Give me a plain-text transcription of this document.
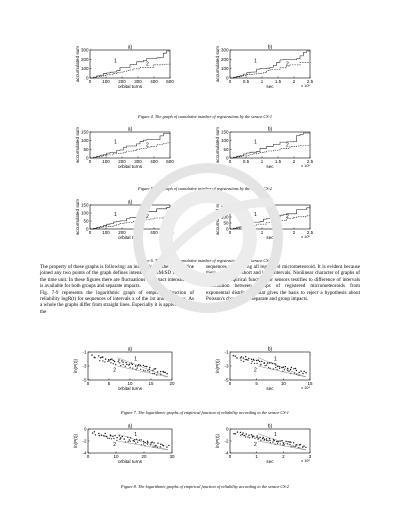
0
100
200
300
0 100 200 300 400 500
orbital turns
accumulated sum	a)
1	2
0
100
200
300
0	0.5	1	1.5	2	2.5
sec
accumulated sum	b)
x 10⁶
1	2
Figure 4. The graph of cumulative number of registrations by the sensor CS-1
0
50
100
150
0 100 200 300 400 500
orbital turns
accumulated sum	a)
1	2
0
50
100
150
0	0.5	1	1.5	2	2.5
sec
accumulated sum	b)
x 10⁶
1	2
Figure 5. The graph of cumulative number of registrations by the sensor CS-2
0
50
100
150
0 100 200 300 400 500
orbital turns
accumulated sum	a)
1	2
0
50
100
150
200
0	0.5	1	1.5	2	2.5
sec
accumulated sum	b)
x 10⁶
1	2
Figure 6. The graph of cumulative number of registrations by the sensor CS-4

The property of these graphs is following: an inclination of the straight line joined any two points of the graph defines intensity of MM/SD impacts in the time unit. In these figures there are fluctuations of impact intensities; it is available for both groups and separate impacts.

Fig. 7-9 represents the logarithmic graph of empirical function of reliability logR(t) for sequences of intervals x of the 1st and 2nd types. As a whole the graphs differ from straight lines. Especially it is appreciable for the

sequences considering all registered micrometeoroid. It is evident because there are a lot of short and long intervals. Nonlinear character of graphs of reliability empirical function for sensors testifies to difference of intervals distribution between groups of registered micrometeoroids from exponential distribution that gives the basis to reject a hypothesis about Poisson's character of separate and group impacts.

-5
-3
-1
0	5	10	15	20
orbital turns
ln(P(t))
a)
1
2
-5
-3
-1
0	5	10	15
sec
ln(P(t))
b)
x 10⁴
1
2
Figure 7. The logarithmic graphs of empirical function of reliability according to the sensor CS-1
-4
-2
0
0	10	20	30
orbital turns
ln(P(t))
a)
1
2
-4
-2
0
0	1	2	3
sec
ln(P(t))
b)
x 10⁵
1
2
Figure 8. The logarithmic graphs of empirical function of reliability according to the sensor CS-2
